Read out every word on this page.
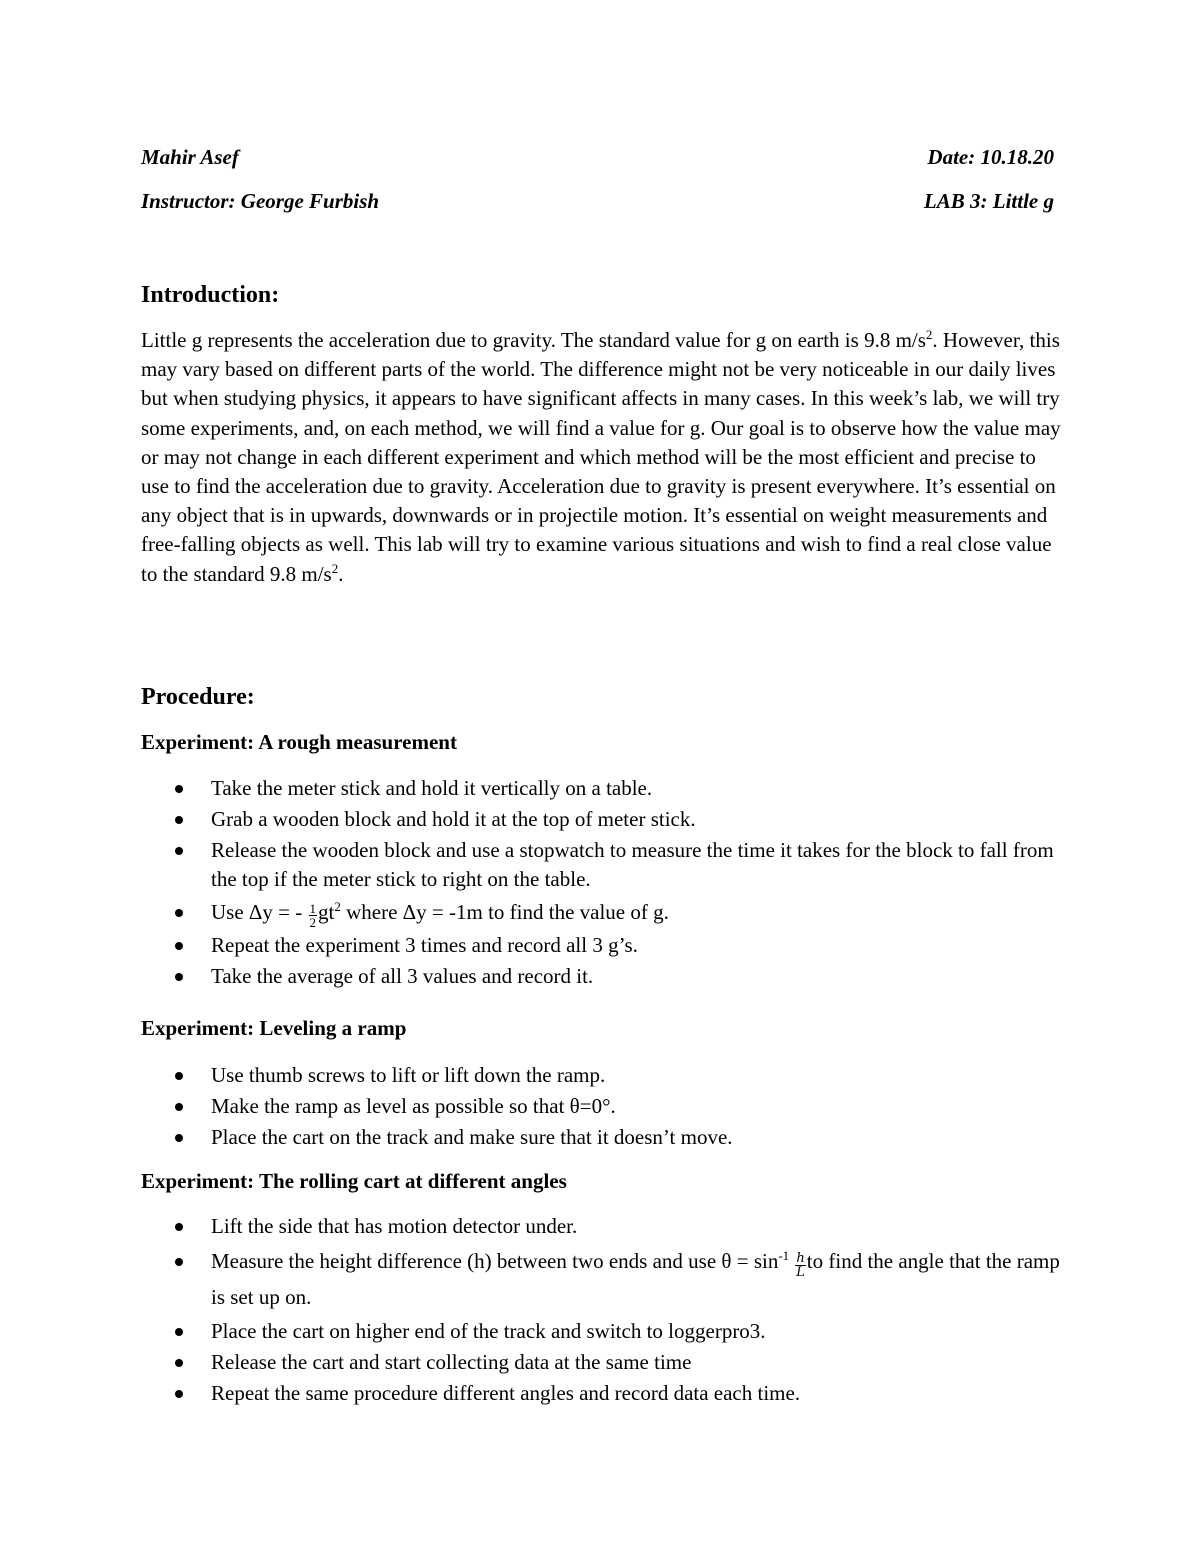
Mahir Asef	Date: 10.18.20
Instructor: George Furbish	LAB 3: Little g
Introduction:

Little g represents the acceleration due to gravity. The standard value for g on earth is 9.8 $m/s^2$. However, this may vary based on different parts of the world. The difference might not be very noticeable in our daily lives but when studying physics, it appears to have significant affects in many cases. In this week’s lab, we will try some experiments, and, on each method, we will find a value for g. Our goal is to observe how the value may or may not change in each different experiment and which method will be the most efficient and precise to use to find the acceleration due to gravity. Acceleration due to gravity is present everywhere. It’s essential on any object that is in upwards, downwards or in projectile motion. It’s essential on weight measurements and free-falling objects as well. This lab will try to examine various situations and wish to find a real close value to the standard 9.8 $m/s^2$.

Procedure:
Experiment: A rough measurement
Take the meter stick and hold it vertically on a table.
Grab a wooden block and hold it at the top of meter stick.
Release the wooden block and use a stopwatch to measure the time it takes for the block to fall from the top if the meter stick to right on the table.
Use Δy = - $\frac{1}{2} gt^2$ where Δy = -1m to find the value of g.
Repeat the experiment 3 times and record all 3 g’s.
Take the average of all 3 values and record it.
Experiment: Leveling a ramp
Use thumb screws to lift or lift down the ramp.
Make the ramp as level as possible so that θ=0°.
Place the cart on the track and make sure that it doesn’t move.
Experiment: The rolling cart at different angles
Lift the side that has motion detector under.
Measure the height difference (h) between two ends and use $\theta = \sin^{-1} \frac{h}{L}$ to find the angle that the ramp is set up on.
Place the cart on higher end of the track and switch to loggerpro3.
Release the cart and start collecting data at the same time
Repeat the same procedure different angles and record data each time.
